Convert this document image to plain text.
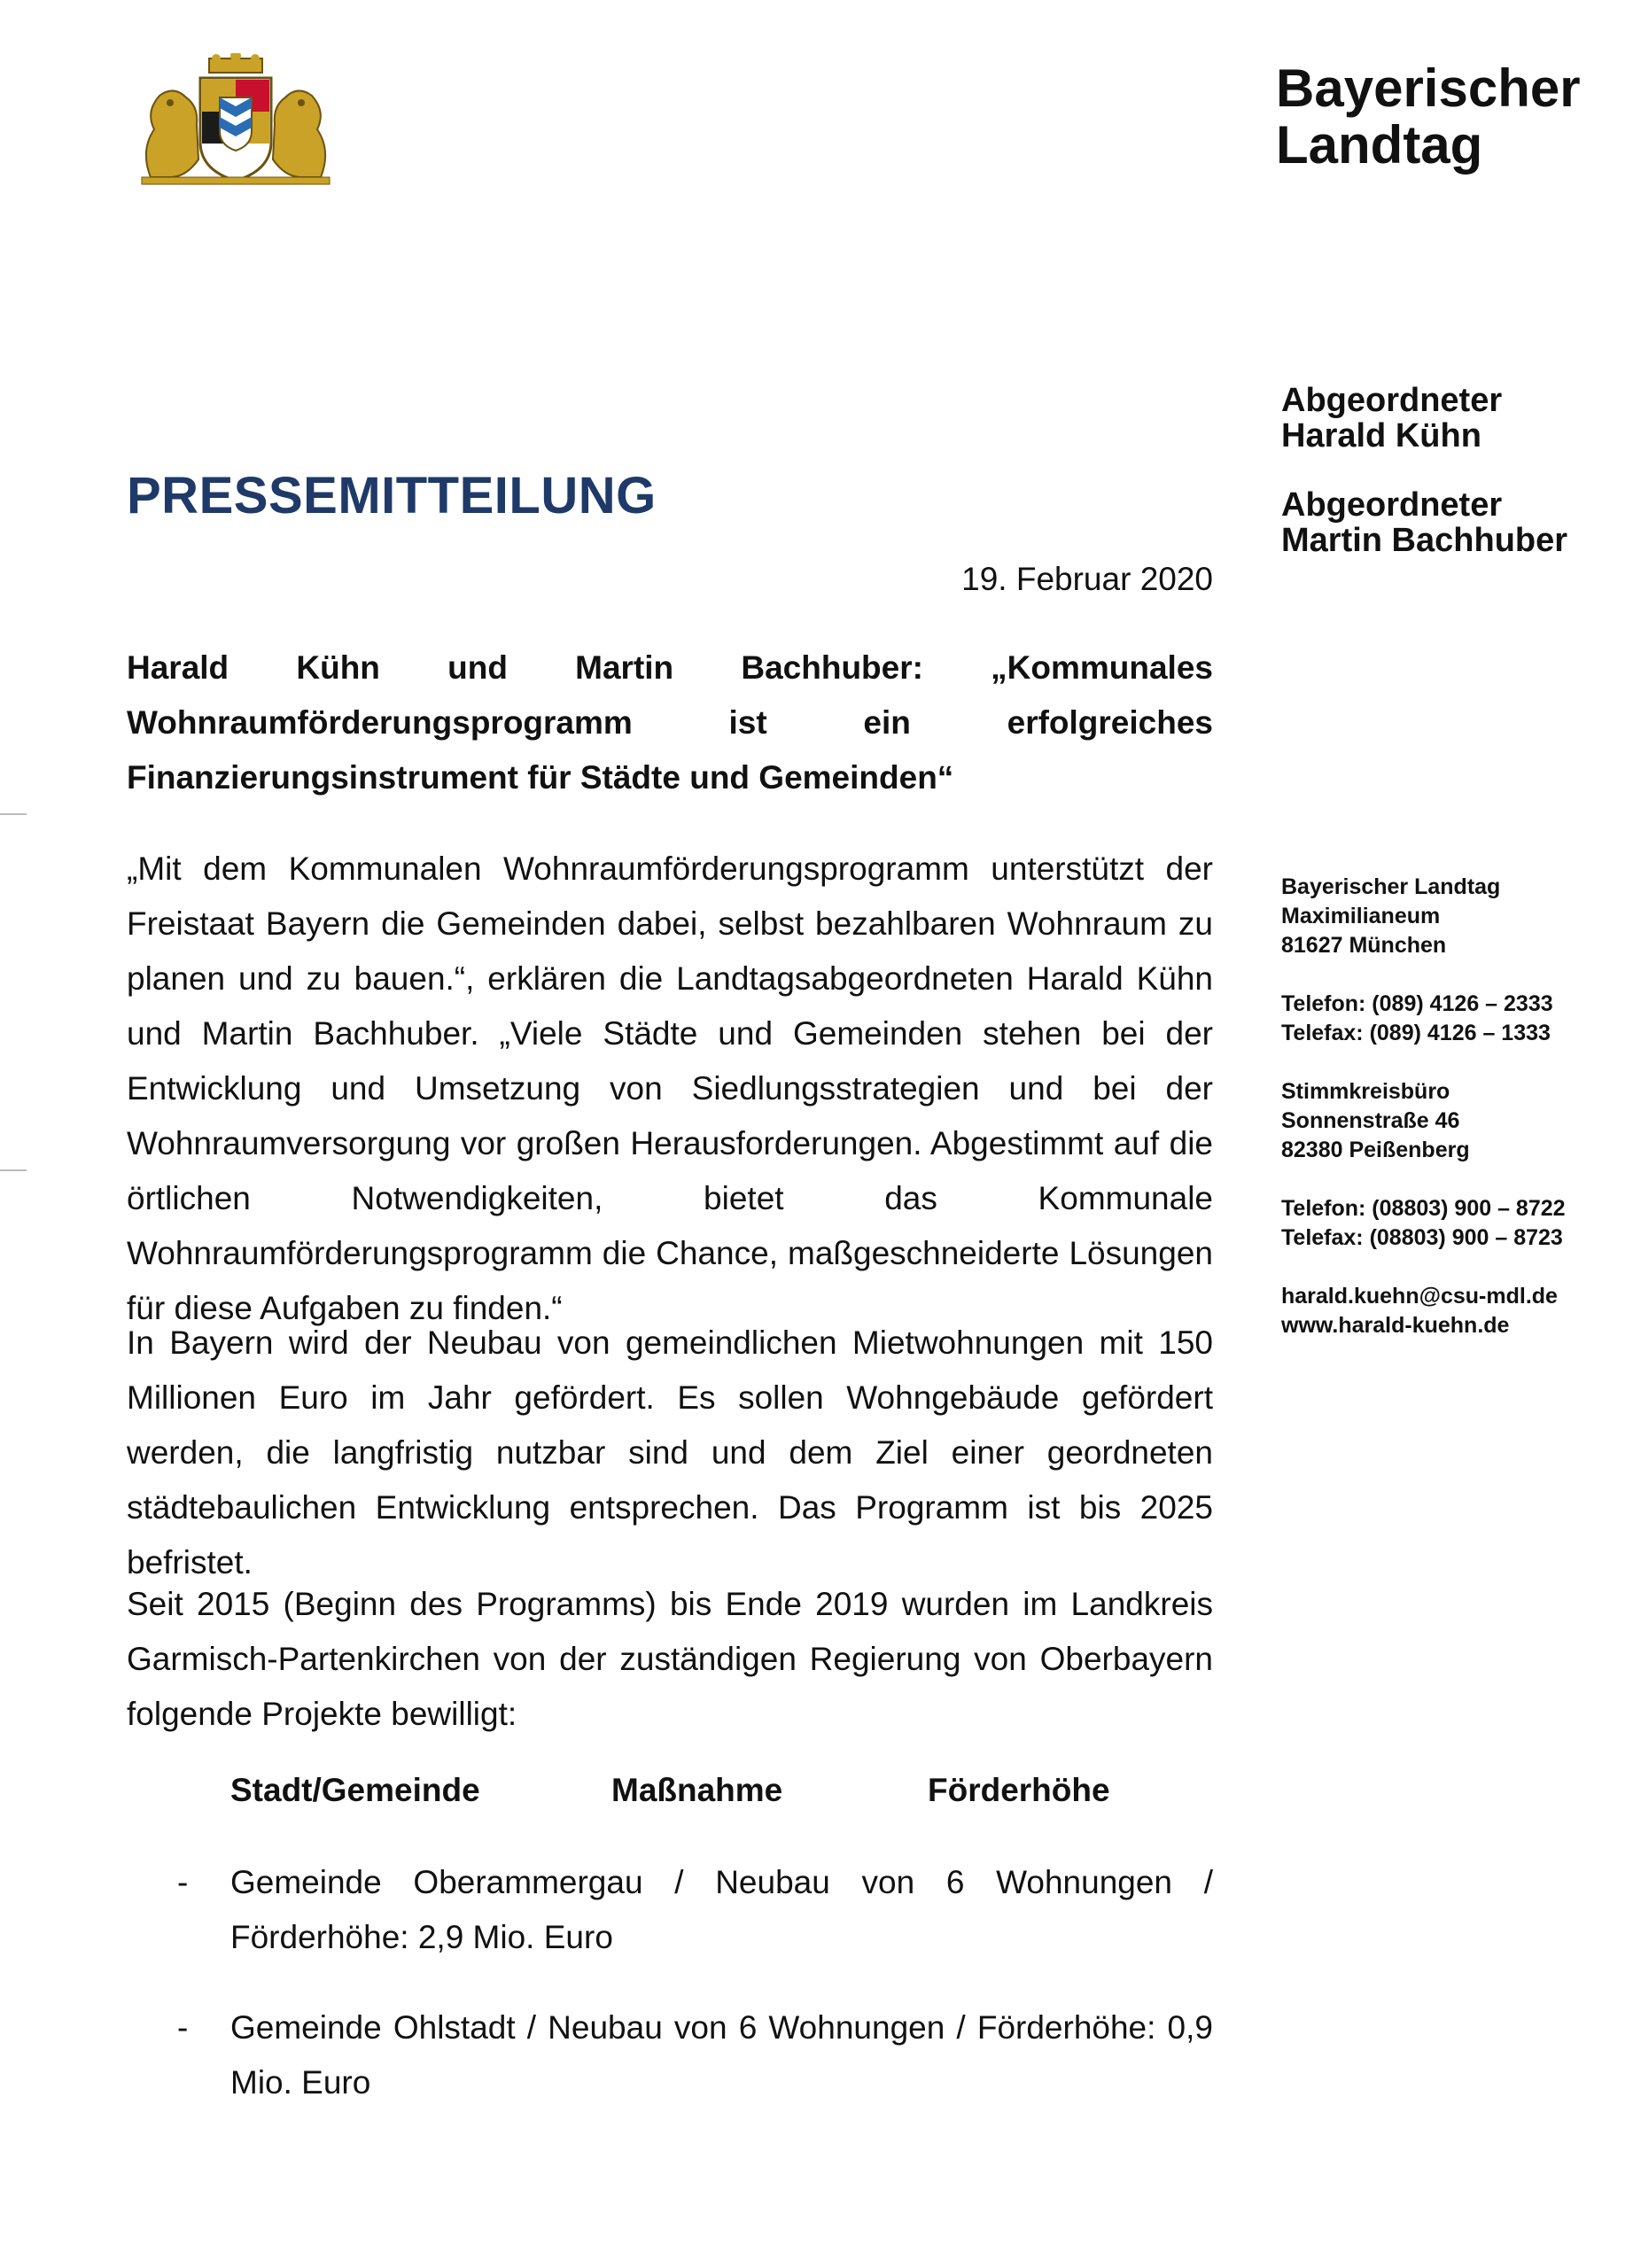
Bayerischer
Landtag
PRESSEMITTEILUNG
19. Februar 2020
Abgeordneter
Harald Kühn
Abgeordneter
Martin Bachhuber
Bayerischer Landtag
Maximilianeum
81627 München
Telefon: (089) 4126 – 2333
Telefax: (089) 4126 – 1333
Stimmkreisbüro
Sonnenstraße 46
82380 Peißenberg
Telefon: (08803) 900 – 8722
Telefax: (08803) 900 – 8723
harald.kuehn@csu-mdl.de
www.harald-kuehn.de
Harald Kühn und Martin Bachhuber: „Kommunales Wohnraumförderungsprogramm ist ein erfolgreiches Finanzierungsinstrument für Städte und Gemeinden“
„Mit dem Kommunalen Wohnraumförderungsprogramm unterstützt der Freistaat Bayern die Gemeinden dabei, selbst bezahlbaren Wohnraum zu planen und zu bauen.“, erklären die Landtagsabgeordneten Harald Kühn und Martin Bachhuber. „Viele Städte und Gemeinden stehen bei der Entwicklung und Umsetzung von Siedlungsstrategien und bei der Wohnraumversorgung vor großen Herausforderungen. Abgestimmt auf die örtlichen Notwendigkeiten, bietet das Kommunale Wohnraumförderungsprogramm die Chance, maßgeschneiderte Lösungen für diese Aufgaben zu finden.“
In Bayern wird der Neubau von gemeindlichen Mietwohnungen mit 150 Millionen Euro im Jahr gefördert. Es sollen Wohngebäude gefördert werden, die langfristig nutzbar sind und dem Ziel einer geordneten städtebaulichen Entwicklung entsprechen. Das Programm ist bis 2025 befristet.
Seit 2015 (Beginn des Programms) bis Ende 2019 wurden im Landkreis Garmisch-Partenkirchen von der zuständigen Regierung von Oberbayern folgende Projekte bewilligt:
Stadt/Gemeinde	Maßnahme	Förderhöhe
- Gemeinde Oberammergau / Neubau von 6 Wohnungen / Förderhöhe: 2,9 Mio. Euro
- Gemeinde Ohlstadt / Neubau von 6 Wohnungen / Förderhöhe: 0,9 Mio. Euro
